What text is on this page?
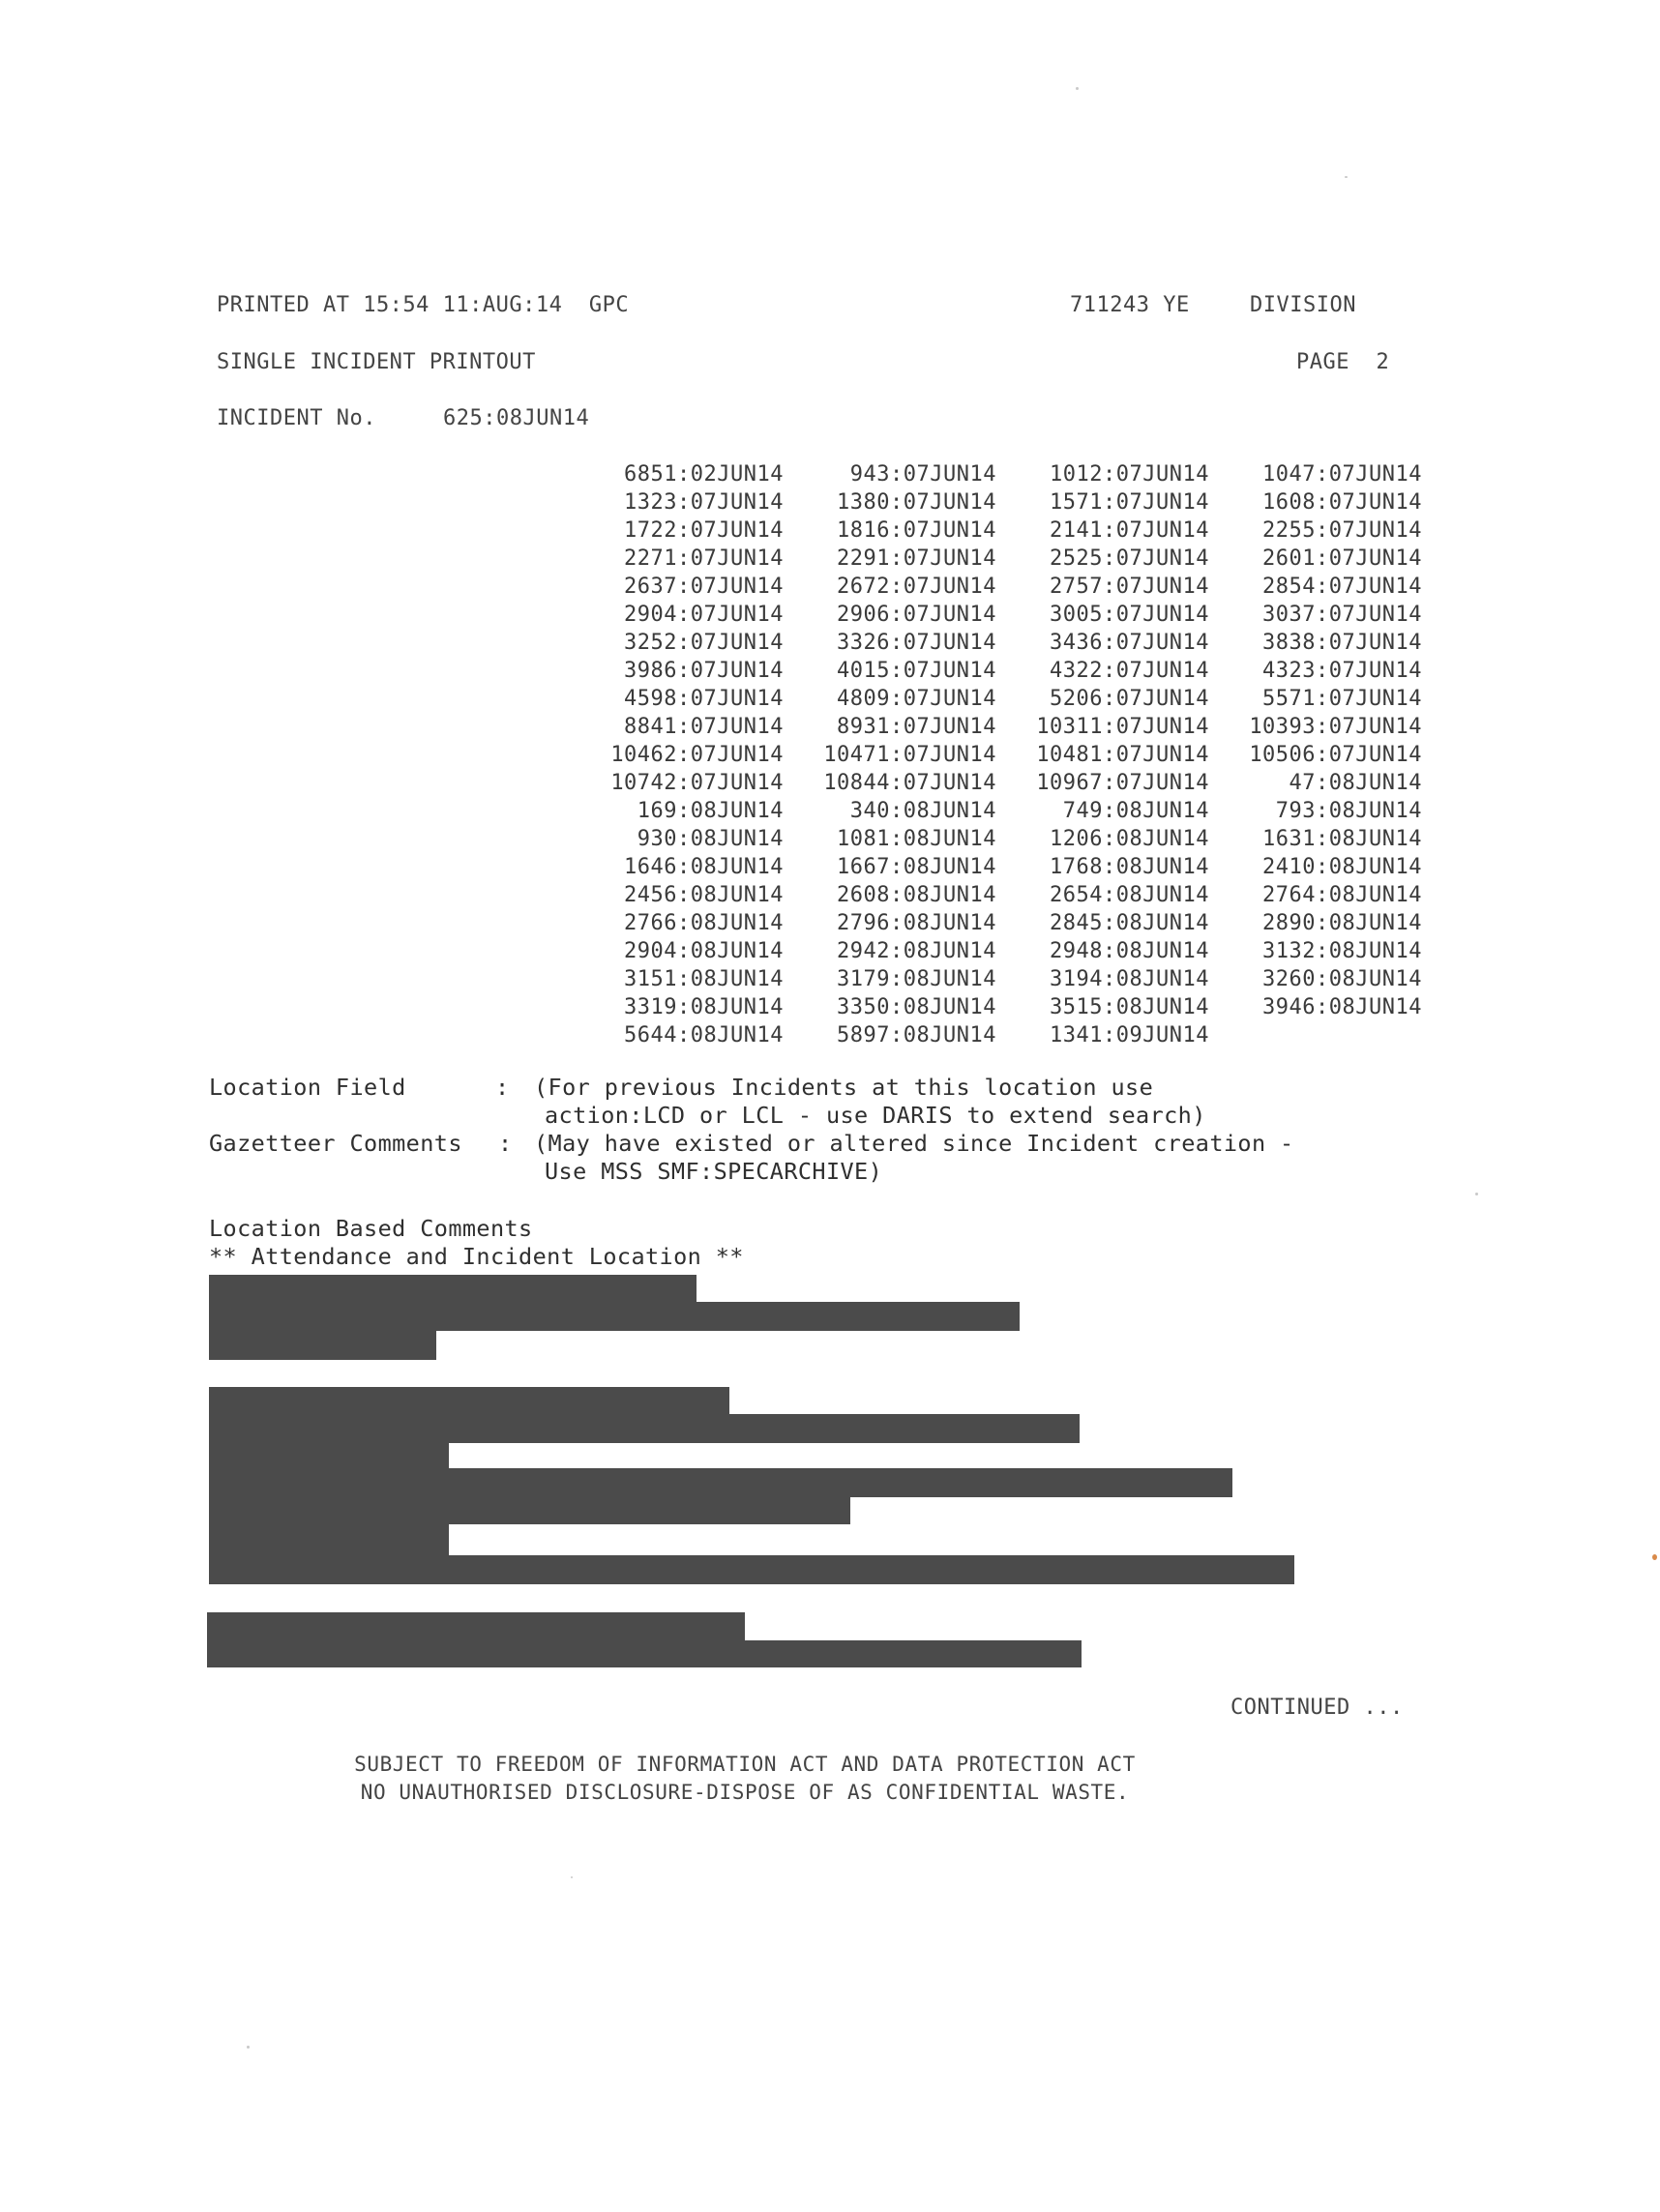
PRINTED AT 15:54 11:AUG:14  GPC	711243 YE	DIVISION
SINGLE INCIDENT PRINTOUT	PAGE  2
INCIDENT No.	625:08JUN14
6851:02JUN14	943:07JUN14	1012:07JUN14	1047:07JUN14
1323:07JUN14	1380:07JUN14	1571:07JUN14	1608:07JUN14
1722:07JUN14	1816:07JUN14	2141:07JUN14	2255:07JUN14
2271:07JUN14	2291:07JUN14	2525:07JUN14	2601:07JUN14
2637:07JUN14	2672:07JUN14	2757:07JUN14	2854:07JUN14
2904:07JUN14	2906:07JUN14	3005:07JUN14	3037:07JUN14
3252:07JUN14	3326:07JUN14	3436:07JUN14	3838:07JUN14
3986:07JUN14	4015:07JUN14	4322:07JUN14	4323:07JUN14
4598:07JUN14	4809:07JUN14	5206:07JUN14	5571:07JUN14
8841:07JUN14	8931:07JUN14	10311:07JUN14	10393:07JUN14
10462:07JUN14	10471:07JUN14	10481:07JUN14	10506:07JUN14
10742:07JUN14	10844:07JUN14	10967:07JUN14	47:08JUN14
169:08JUN14	340:08JUN14	749:08JUN14	793:08JUN14
930:08JUN14	1081:08JUN14	1206:08JUN14	1631:08JUN14
1646:08JUN14	1667:08JUN14	1768:08JUN14	2410:08JUN14
2456:08JUN14	2608:08JUN14	2654:08JUN14	2764:08JUN14
2766:08JUN14	2796:08JUN14	2845:08JUN14	2890:08JUN14
2904:08JUN14	2942:08JUN14	2948:08JUN14	3132:08JUN14
3151:08JUN14	3179:08JUN14	3194:08JUN14	3260:08JUN14
3319:08JUN14	3350:08JUN14	3515:08JUN14	3946:08JUN14
5644:08JUN14	5897:08JUN14	1341:09JUN14
Location Field	: (For previous Incidents at this location use
action:LCD or LCL - use DARIS to extend search)
Gazetteer Comments : (May have existed or altered since Incident creation -
Use MSS SMF:SPECARCHIVE)
Location Based Comments
** Attendance and Incident Location **
CONTINUED ...
SUBJECT TO FREEDOM OF INFORMATION ACT AND DATA PROTECTION ACT
NO UNAUTHORISED DISCLOSURE-DISPOSE OF AS CONFIDENTIAL WASTE.
